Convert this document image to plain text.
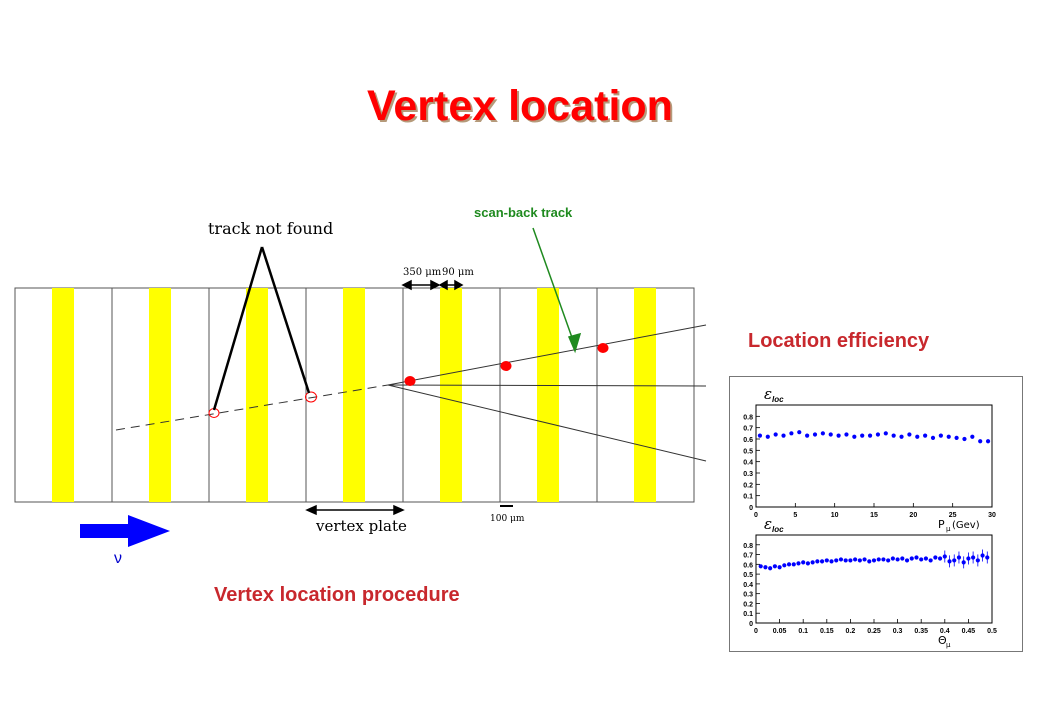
Vertex location
scan-back track
Location efficiency
Vertex location procedure
track not found
350 μm 90 μm
100 μm
vertex plate
ν
0
0.1
0.2
0.3
0.4
0.5
0.6
0.7
0.8
0	5	10	15	20	25	30
ε loc
P μ (Gev)
0
0.1
0.2
0.3
0.4
0.5
0.6
0.7
0.8
0 0.05 0.1 0.15 0.2 0.25 0.3 0.35 0.4 0.45 0.5
ε loc
Θ μ
